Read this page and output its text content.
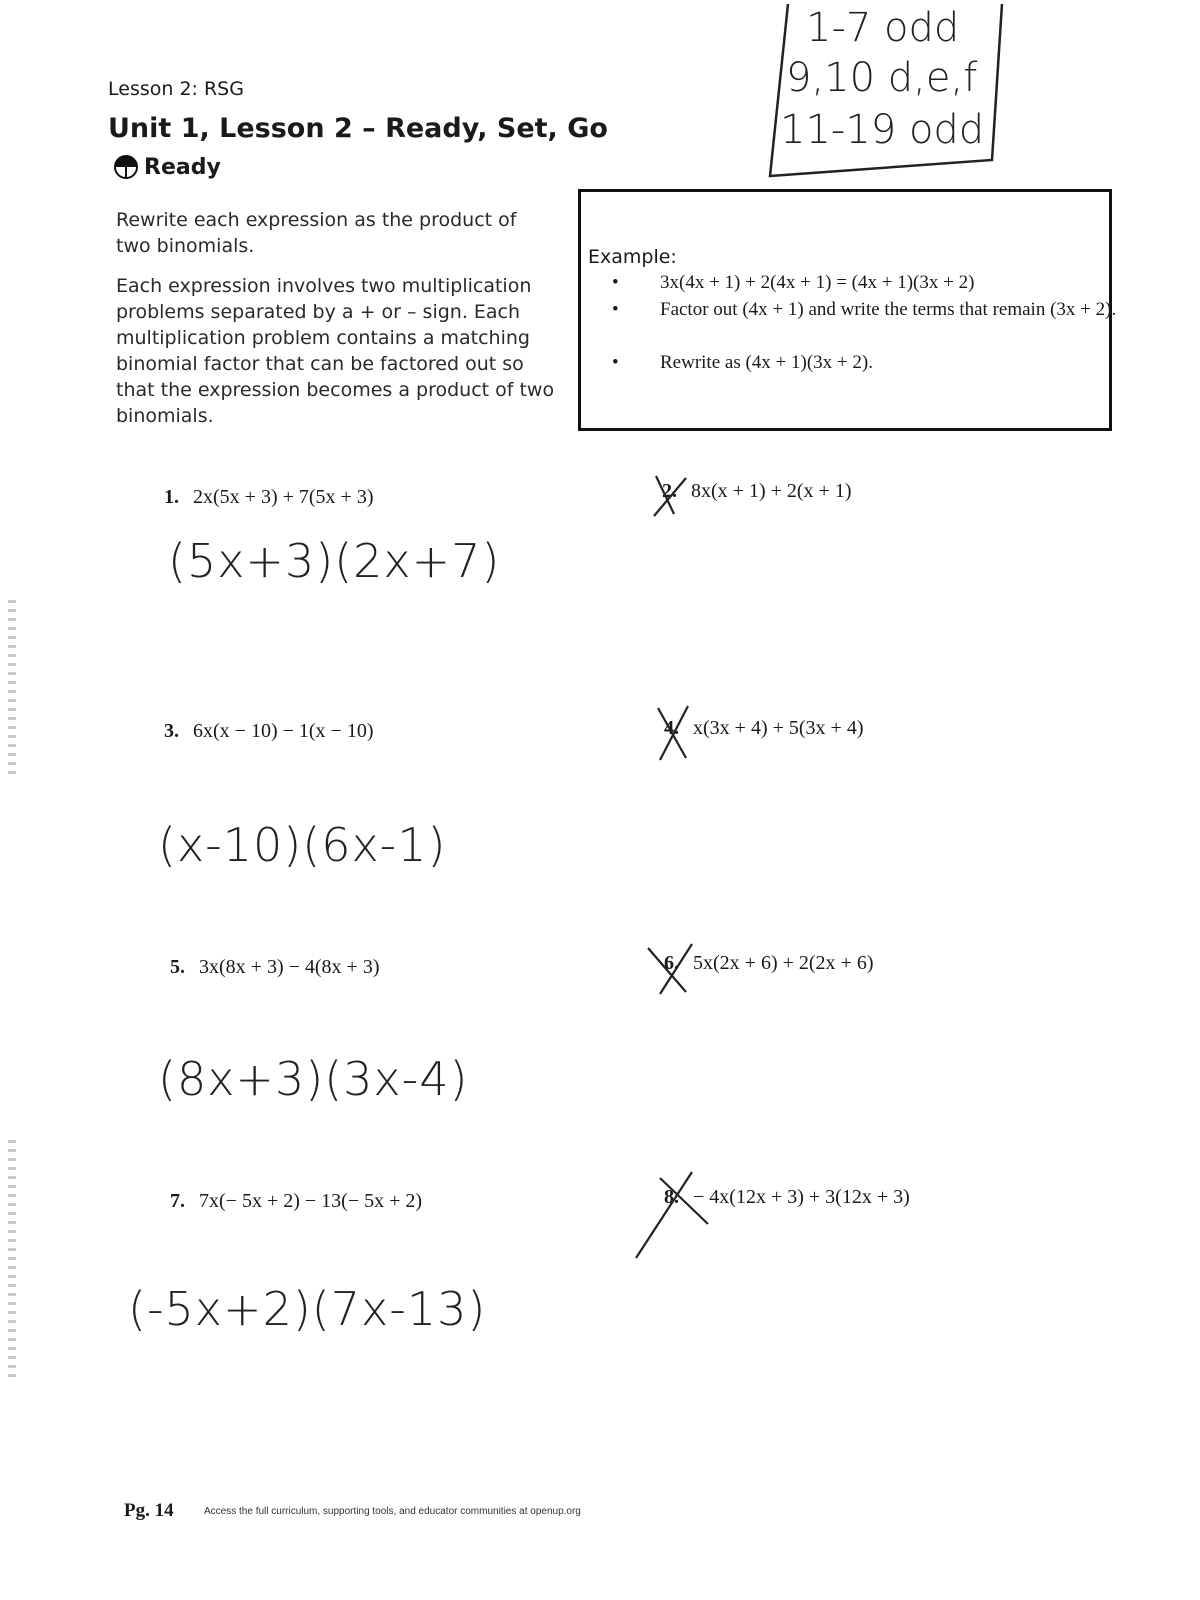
1-7 odd
9,10 d,e,f
11-19 odd
Lesson 2: RSG
Unit 1, Lesson 2 – Ready, Set, Go
Ready
Rewrite each expression as the product of two binomials.
Each expression involves two multiplication problems separated by a + or – sign. Each multiplication problem contains a matching binomial factor that can be factored out so that the expression becomes a product of two binomials.
Example:
• 3x(4x + 1) + 2(4x + 1) = (4x + 1)(3x + 2)
• Factor out (4x + 1) and write the terms that remain (3x + 2).
• Rewrite as (4x + 1)(3x + 2).
1. 2x(5x + 3) + 7(5x + 3)
(5x+3)(2x+7)
3. 6x(x − 10) − 1(x − 10)
(x-10)(6x-1)
5. 3x(8x + 3) − 4(8x + 3)
(8x+3)(3x-4)
7. 7x(− 5x + 2) − 13(− 5x + 2)
(-5x+2)(7x-13)
2. 8x(x + 1) + 2(x + 1)
4. x(3x + 4) + 5(3x + 4)
6. 5x(2x + 6) + 2(2x + 6)
8. − 4x(12x + 3) + 3(12x + 3)
Pg. 14	Access the full curriculum, supporting tools, and educator communities at openup.org
